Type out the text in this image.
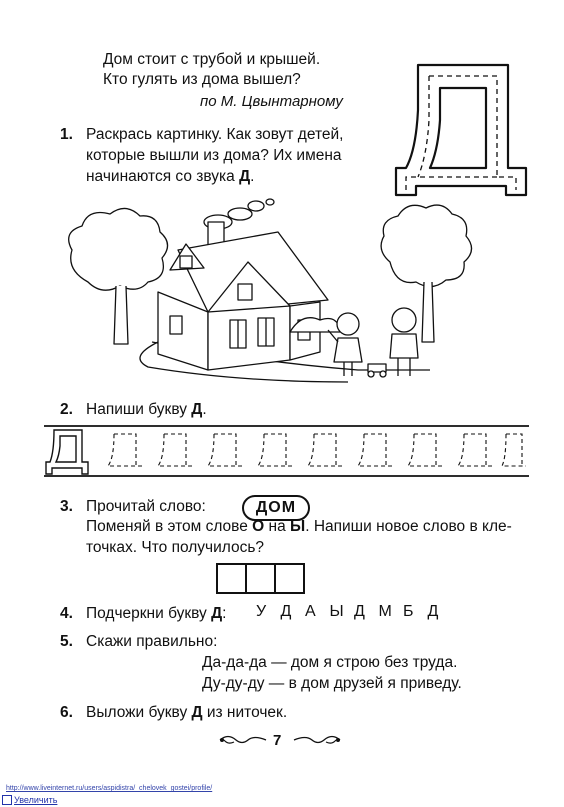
Дом стоит с трубой и крышей.
Кто гулять из дома вышел?
по М. Цвынтарному
1. Раскрась картинку. Как зовут детей,
которые вышли из дома? Их имена
начинаются со звука Д.
2. Напиши букву Д.
3. Прочитай слово:	ДОМ
Поменяй в этом слове О на Ы. Напиши новое слово в кле-
точках. Что получилось?
4. Подчеркни букву Д: У Д А Ы Д М Б Д
5. Скажи правильно:
Да-да-да — дом я строю без труда.
Ду-ду-ду — в дом друзей я приведу.
6. Выложи букву Д из ниточек.
7
http://www.liveinternet.ru/users/aspidistra/_chelovek_gostei/profile/
Увеличить
